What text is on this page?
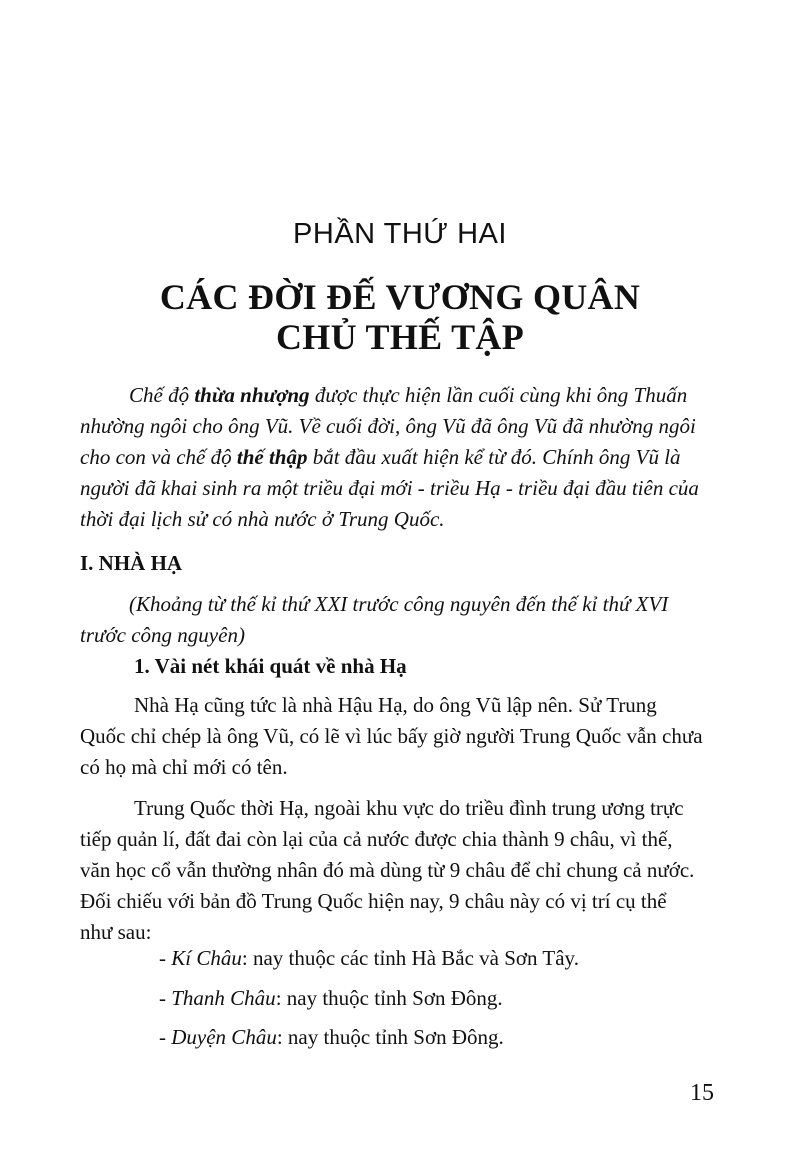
PHẦN THỨ HAI
CÁC ĐỜI ĐẾ VƯƠNG QUÂN
CHỦ THẾ TẬP
Chế độ thừa nhượng được thực hiện lần cuối cùng khi ông Thuấn
nhường ngôi cho ông Vũ. Về cuối đời, ông Vũ đã ông Vũ đã nhường ngôi
cho con và chế độ thế thập bắt đầu xuất hiện kể từ đó. Chính ông Vũ là
người đã khai sinh ra một triều đại mới - triều Hạ - triều đại đầu tiên của
thời đại lịch sử có nhà nước ở Trung Quốc.
I. NHÀ HẠ
(Khoảng từ thế kỉ thứ XXI trước công nguyên đến thế kỉ thứ XVI
trước công nguyên)
1. Vài nét khái quát về nhà Hạ
Nhà Hạ cũng tức là nhà Hậu Hạ, do ông Vũ lập nên. Sử Trung
Quốc chỉ chép là ông Vũ, có lẽ vì lúc bấy giờ người Trung Quốc vẫn chưa
có họ mà chỉ mới có tên.
Trung Quốc thời Hạ, ngoài khu vực do triều đình trung ương trực
tiếp quản lí, đất đai còn lại của cả nước được chia thành 9 châu, vì thế,
văn học cổ vẫn thường nhân đó mà dùng từ 9 châu để chỉ chung cả nước.
Đối chiếu với bản đồ Trung Quốc hiện nay, 9 châu này có vị trí cụ thể
như sau:
- Kí Châu: nay thuộc các tỉnh Hà Bắc và Sơn Tây.
- Thanh Châu: nay thuộc tỉnh Sơn Đông.
- Duyện Châu: nay thuộc tỉnh Sơn Đông.
15
